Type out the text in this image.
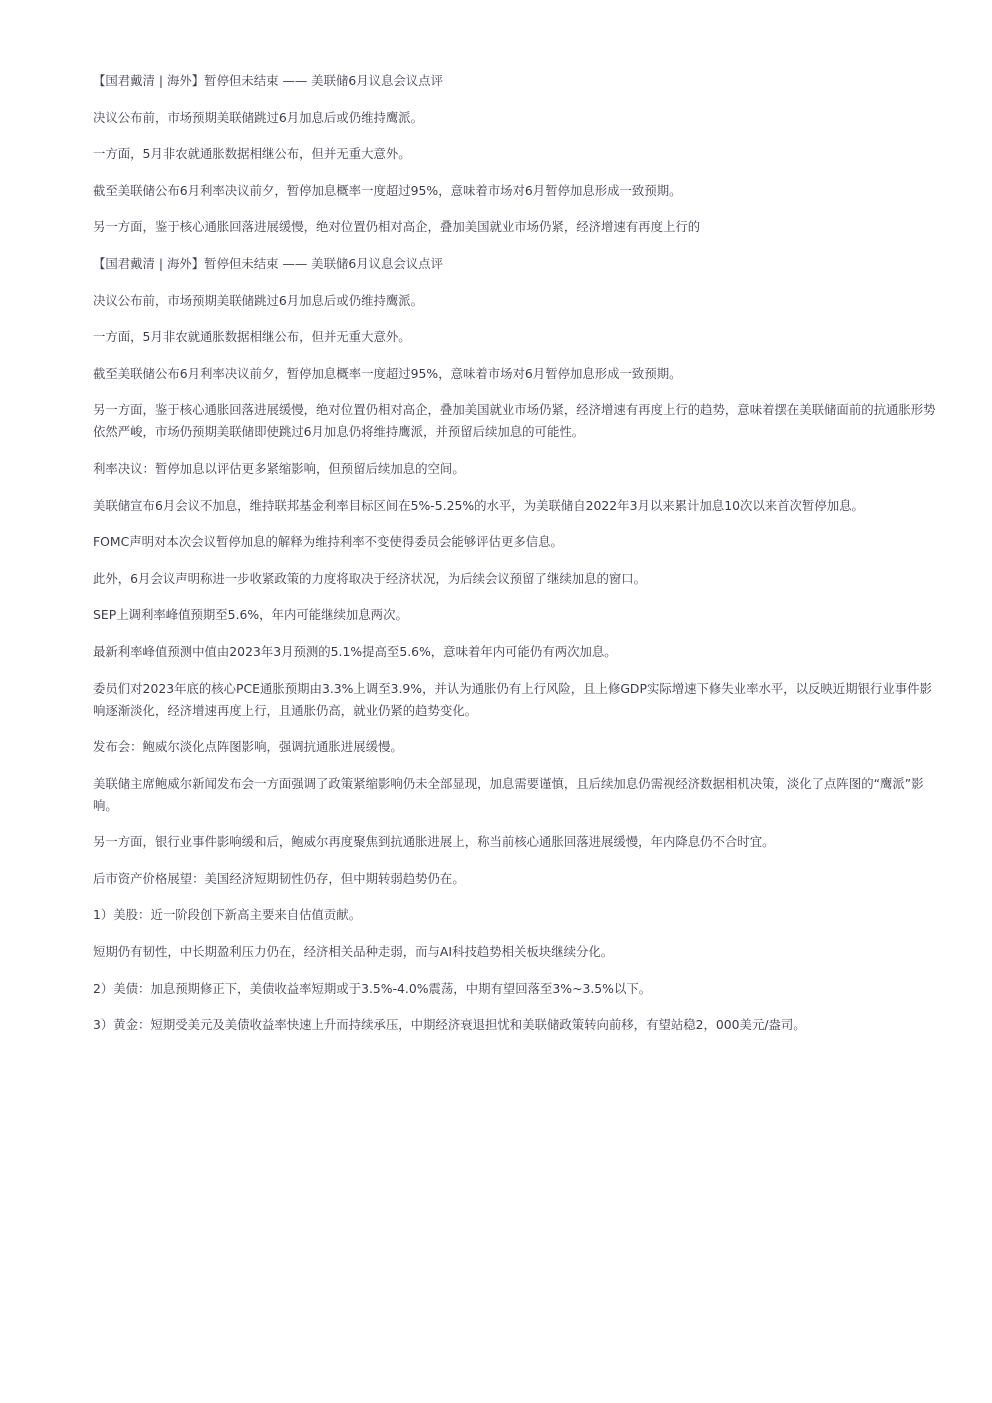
【国君戴清 | 海外】暂停但未结束 —— 美联储6月议息会议点评

决议公布前，市场预期美联储跳过6月加息后或仍维持鹰派。

一方面，5月非农就通胀数据相继公布，但并无重大意外。

截至美联储公布6月利率决议前夕，暂停加息概率一度超过95%，意味着市场对6月暂停加息形成一致预期。

另一方面，鉴于核心通胀回落进展缓慢，绝对位置仍相对高企，叠加美国就业市场仍紧，经济增速有再度上行的

【国君戴清 | 海外】暂停但未结束 —— 美联储6月议息会议点评

决议公布前，市场预期美联储跳过6月加息后或仍维持鹰派。

一方面，5月非农就通胀数据相继公布，但并无重大意外。

截至美联储公布6月利率决议前夕，暂停加息概率一度超过95%，意味着市场对6月暂停加息形成一致预期。

另一方面，鉴于核心通胀回落进展缓慢，绝对位置仍相对高企，叠加美国就业市场仍紧，经济增速有再度上行的趋势，意味着摆在美联储面前的抗通胀形势依然严峻，市场仍预期美联储即使跳过6月加息仍将维持鹰派，并预留后续加息的可能性。

利率决议：暂停加息以评估更多紧缩影响，但预留后续加息的空间。

美联储宣布6月会议不加息，维持联邦基金利率目标区间在5%-5.25%的水平，为美联储自2022年3月以来累计加息10次以来首次暂停加息。

FOMC声明对本次会议暂停加息的解释为维持利率不变使得委员会能够评估更多信息。

此外，6月会议声明称进一步收紧政策的力度将取决于经济状况，为后续会议预留了继续加息的窗口。

SEP上调利率峰值预期至5.6%，年内可能继续加息两次。

最新利率峰值预测中值由2023年3月预测的5.1%提高至5.6%，意味着年内可能仍有两次加息。

委员们对2023年底的核心PCE通胀预期由3.3%上调至3.9%，并认为通胀仍有上行风险，且上修GDP实际增速下修失业率水平，以反映近期银行业事件影响逐渐淡化，经济增速再度上行，且通胀仍高，就业仍紧的趋势变化。

发布会：鲍威尔淡化点阵图影响，强调抗通胀进展缓慢。

美联储主席鲍威尔新闻发布会一方面强调了政策紧缩影响仍未全部显现，加息需要谨慎，且后续加息仍需视经济数据相机决策，淡化了点阵图的“鹰派”影响。

另一方面，银行业事件影响缓和后，鲍威尔再度聚焦到抗通胀进展上，称当前核心通胀回落进展缓慢，年内降息仍不合时宜。

后市资产价格展望：美国经济短期韧性仍存，但中期转弱趋势仍在。

1）美股：近一阶段创下新高主要来自估值贡献。

短期仍有韧性，中长期盈利压力仍在，经济相关品种走弱，而与AI科技趋势相关板块继续分化。

2）美债：加息预期修正下，美债收益率短期或于3.5%-4.0%震荡，中期有望回落至3%~3.5%以下。

3）黄金：短期受美元及美债收益率快速上升而持续承压，中期经济衰退担忧和美联储政策转向前移，有望站稳2，000美元/盎司。
